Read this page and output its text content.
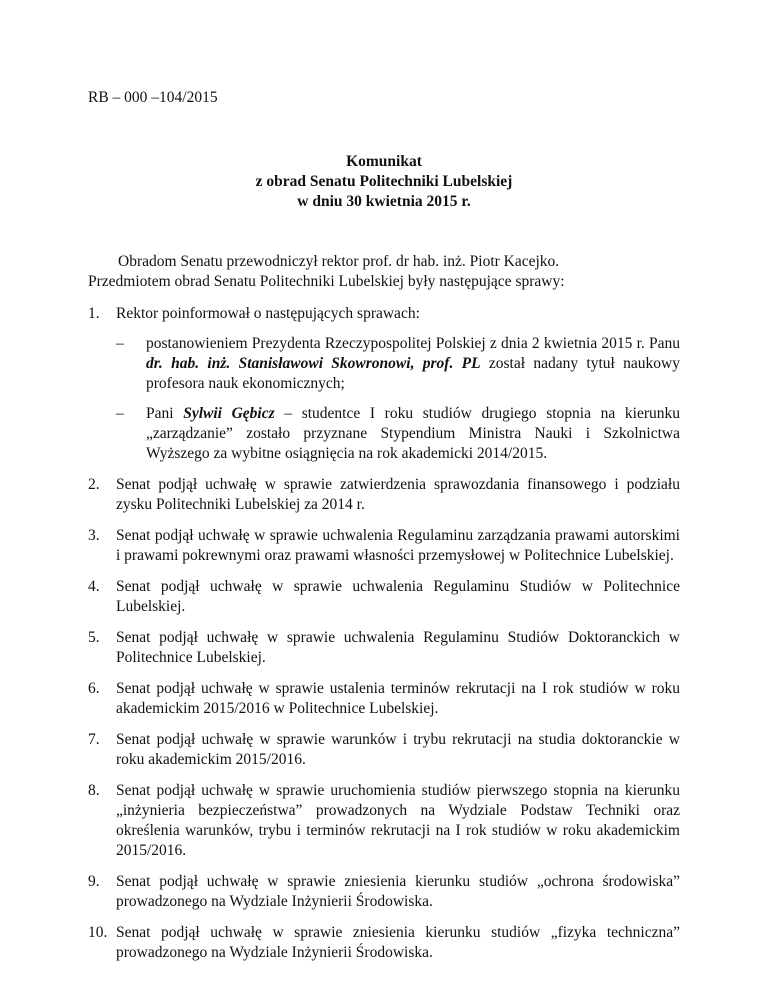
RB – 000 –104/2015

Komunikat
z obrad Senatu Politechniki Lubelskiej
w dniu 30 kwietnia 2015 r.
Obradom Senatu przewodniczył rektor prof. dr hab. inż. Piotr Kacejko.
Przedmiotem obrad Senatu Politechniki Lubelskiej były następujące sprawy:
1. Rektor poinformował o następujących sprawach:
– postanowieniem Prezydenta Rzeczypospolitej Polskiej z dnia 2 kwietnia 2015 r. Panu dr. hab. inż. Stanisławowi Skowronowi, prof. PL został nadany tytuł naukowy profesora nauk ekonomicznych;
– Pani Sylwii Gębicz – studentce I roku studiów drugiego stopnia na kierunku „zarządzanie” zostało przyznane Stypendium Ministra Nauki i Szkolnictwa Wyższego za wybitne osiągnięcia na rok akademicki 2014/2015.
2. Senat podjął uchwałę w sprawie zatwierdzenia sprawozdania finansowego i podziału zysku Politechniki Lubelskiej za 2014 r.
3. Senat podjął uchwałę w sprawie uchwalenia Regulaminu zarządzania prawami autorskimi i prawami pokrewnymi oraz prawami własności przemysłowej w Politechnice Lubelskiej.
4. Senat podjął uchwałę w sprawie uchwalenia Regulaminu Studiów w Politechnice Lubelskiej.
5. Senat podjął uchwałę w sprawie uchwalenia Regulaminu Studiów Doktoranckich w Politechnice Lubelskiej.
6. Senat podjął uchwałę w sprawie ustalenia terminów rekrutacji na I rok studiów w roku akademickim 2015/2016 w Politechnice Lubelskiej.
7. Senat podjął uchwałę w sprawie warunków i trybu rekrutacji na studia doktoranckie w roku akademickim 2015/2016.
8. Senat podjął uchwałę w sprawie uruchomienia studiów pierwszego stopnia na kierunku „inżynieria bezpieczeństwa” prowadzonych na Wydziale Podstaw Techniki oraz określenia warunków, trybu i terminów rekrutacji na I rok studiów w roku akademickim 2015/2016.
9. Senat podjął uchwałę w sprawie zniesienia kierunku studiów „ochrona środowiska” prowadzonego na Wydziale Inżynierii Środowiska.
10. Senat podjął uchwałę w sprawie zniesienia kierunku studiów „fizyka techniczna” prowadzonego na Wydziale Inżynierii Środowiska.
